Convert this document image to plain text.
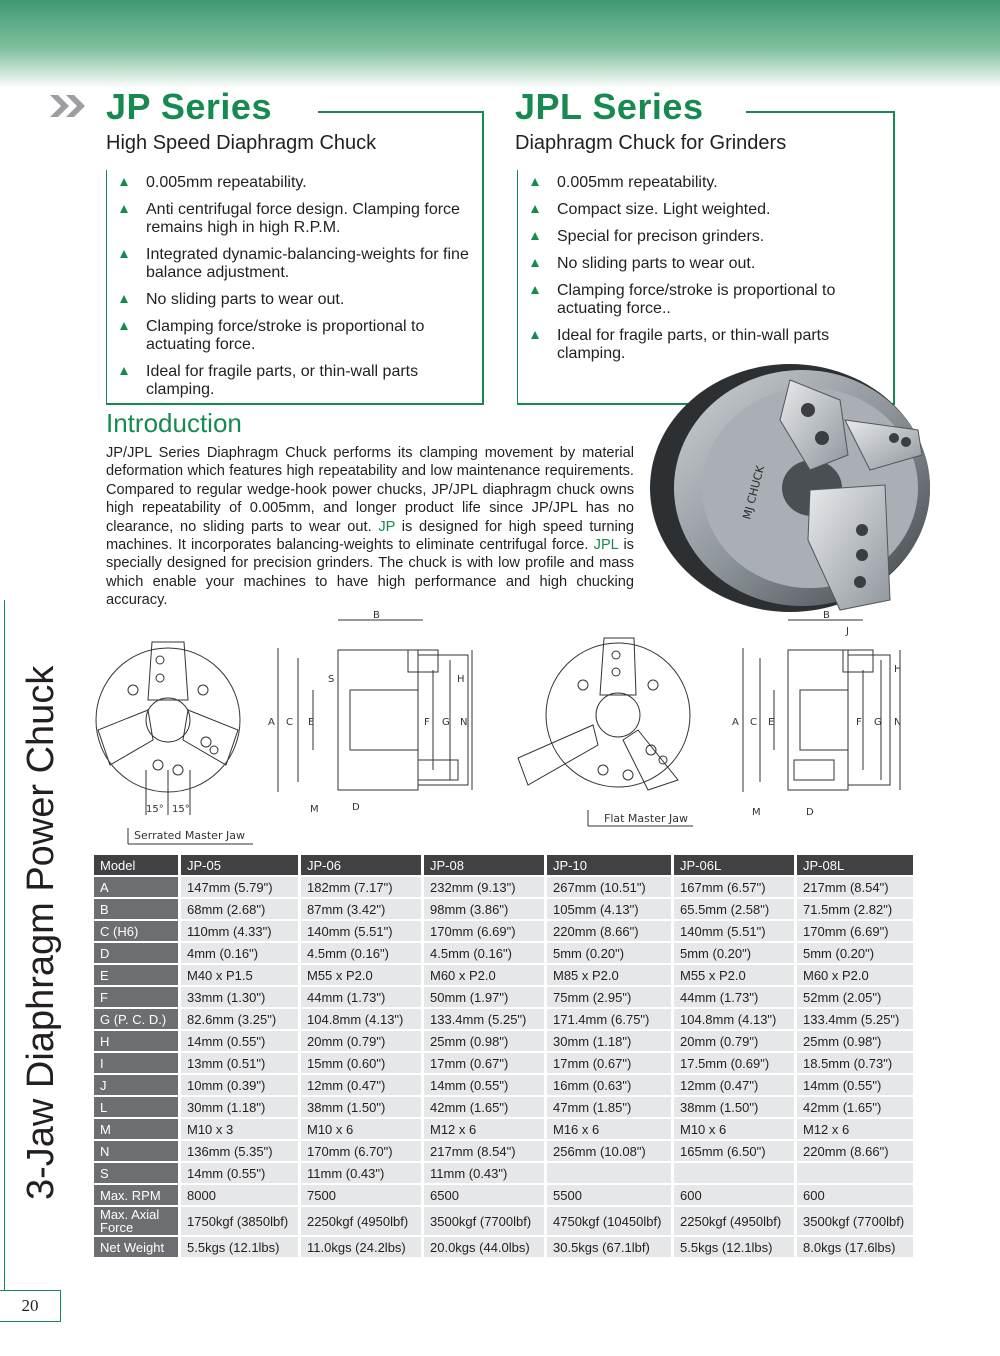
JP Series
High Speed Diaphragm Chuck
0.005mm repeatability.
Anti centrifugal force design. Clamping force remains high in high R.P.M.
Integrated dynamic-balancing-weights for fine balance adjustment.
No sliding parts to wear out.
Clamping force/stroke is proportional to actuating force.
Ideal for fragile parts, or thin-wall parts clamping.
JPL Series
Diaphragm Chuck for Grinders
0.005mm repeatability.
Compact size. Light weighted.
Special for precison grinders.
No sliding parts to wear out.
Clamping force/stroke is proportional to actuating force..
Ideal for fragile parts, or thin-wall parts clamping.
MJ CHUCK
Introduction
JP/JPL Series Diaphragm Chuck performs its clamping movement by material deformation which features high repeatability and low maintenance requirements. Compared to regular wedge-hook power chucks, JP/JPL diaphragm chuck owns high repeatability of 0.005mm, and longer product life since JP/JPL has no clearance, no sliding parts to wear out. JP is designed for high speed turning machines. It incorporates balancing-weights to eliminate centrifugal force. JPL is specially designed for precision grinders. The chuck is with low profile and mass which enable your machines to have high performance and high chucking accuracy.
15° 15°
Serrated Master Jaw
A C E
S
B
F G N
H
M	D
Flat Master Jaw
A C E
B
J
F G N
H
M	D
3-Jaw Diaphragm Power Chuck
20
Model	JP-05	JP-06	JP-08	JP-10	JP-06L	JP-08L
A	147mm (5.79")	182mm (7.17")	232mm (9.13")	267mm (10.51")	167mm (6.57")	217mm (8.54")
B	68mm (2.68")	87mm (3.42")	98mm (3.86")	105mm (4.13")	65.5mm (2.58")	71.5mm (2.82")
C (H6)	110mm (4.33")	140mm (5.51")	170mm (6.69")	220mm (8.66")	140mm (5.51")	170mm (6.69")
D	4mm (0.16")	4.5mm (0.16")	4.5mm (0.16")	5mm (0.20")	5mm (0.20")	5mm (0.20")
E	M40 x P1.5	M55 x P2.0	M60 x P2.0	M85 x P2.0	M55 x P2.0	M60 x P2.0
F	33mm (1.30")	44mm (1.73")	50mm (1.97")	75mm (2.95")	44mm (1.73")	52mm (2.05")
G (P. C. D.)	82.6mm (3.25")	104.8mm (4.13")	133.4mm (5.25")	171.4mm (6.75")	104.8mm (4.13")	133.4mm (5.25")
H	14mm (0.55")	20mm (0.79")	25mm (0.98")	30mm (1.18")	20mm (0.79")	25mm (0.98")
I	13mm (0.51")	15mm (0.60")	17mm (0.67")	17mm (0.67")	17.5mm (0.69")	18.5mm (0.73")
J	10mm (0.39")	12mm (0.47")	14mm (0.55")	16mm (0.63")	12mm (0.47")	14mm (0.55")
L	30mm (1.18")	38mm (1.50")	42mm (1.65")	47mm (1.85")	38mm (1.50")	42mm (1.65")
M	M10 x 3	M10 x 6	M12 x 6	M16 x 6	M10 x 6	M12 x 6
N	136mm (5.35")	170mm (6.70")	217mm (8.54")	256mm (10.08")	165mm (6.50")	220mm (8.66")
S	14mm (0.55")	11mm (0.43")	11mm (0.43")			
Max. RPM	8000	7500	6500	5500	600	600
Max. Axial Force	1750kgf (3850lbf)	2250kgf (4950lbf)	3500kgf (7700lbf)	4750kgf (10450lbf)	2250kgf (4950lbf)	3500kgf (7700lbf)
Net Weight	5.5kgs (12.1lbs)	11.0kgs (24.2lbs)	20.0kgs (44.0lbs)	30.5kgs (67.1lbf)	5.5kgs (12.1lbs)	8.0kgs (17.6lbs)
